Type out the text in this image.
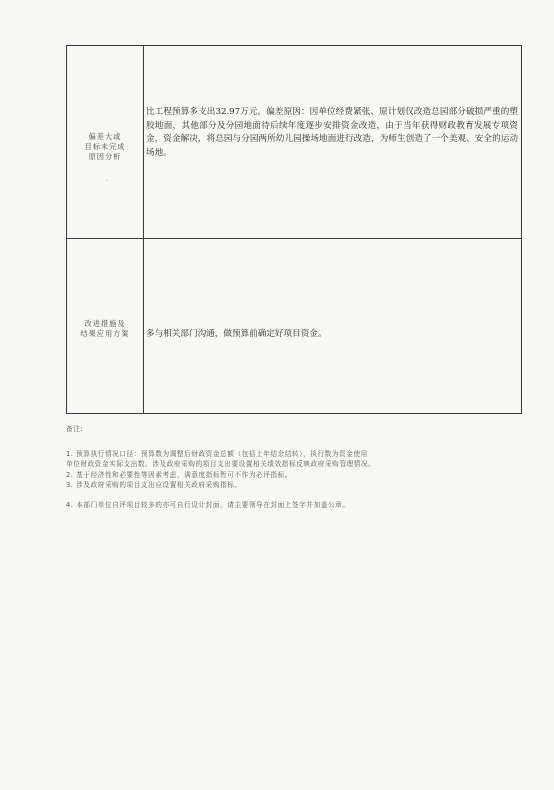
偏差大或
目标未完成
原因分析
比工程预算多支出32.97万元，偏差原因：因单位经费紧张、原计划仅改造总园部分破损严重的塑胶地面，其他部分及分园地面待后续年度逐步安排资金改造，由于当年获得财政教育发展专项资金，资金解决，将总园与分园两所幼儿园操场地面进行改造，为师生创造了一个美观、安全的运动场地。
改进措施及
结果应用方案	多与相关部门沟通，做预算前确定好项目资金。
·
备注:
1. 预算执行情况口径：预算数为调整后财政资金总额（包括上年结余结转），执行数为资金使用
单位财政资金实际支出数。涉及政府采购的项目支出要设置相关绩效指标反映政府采购管理情况。
2. 基于经济性和必要性等因素考虑，满意度指标暂可不作为必评指标。
3. 涉及政府采购的项目支出应设置相关政府采购指标。
4. 本部门单位自评项目较多的亦可自行设计封面，请主要领导在封面上签字并加盖公章。
